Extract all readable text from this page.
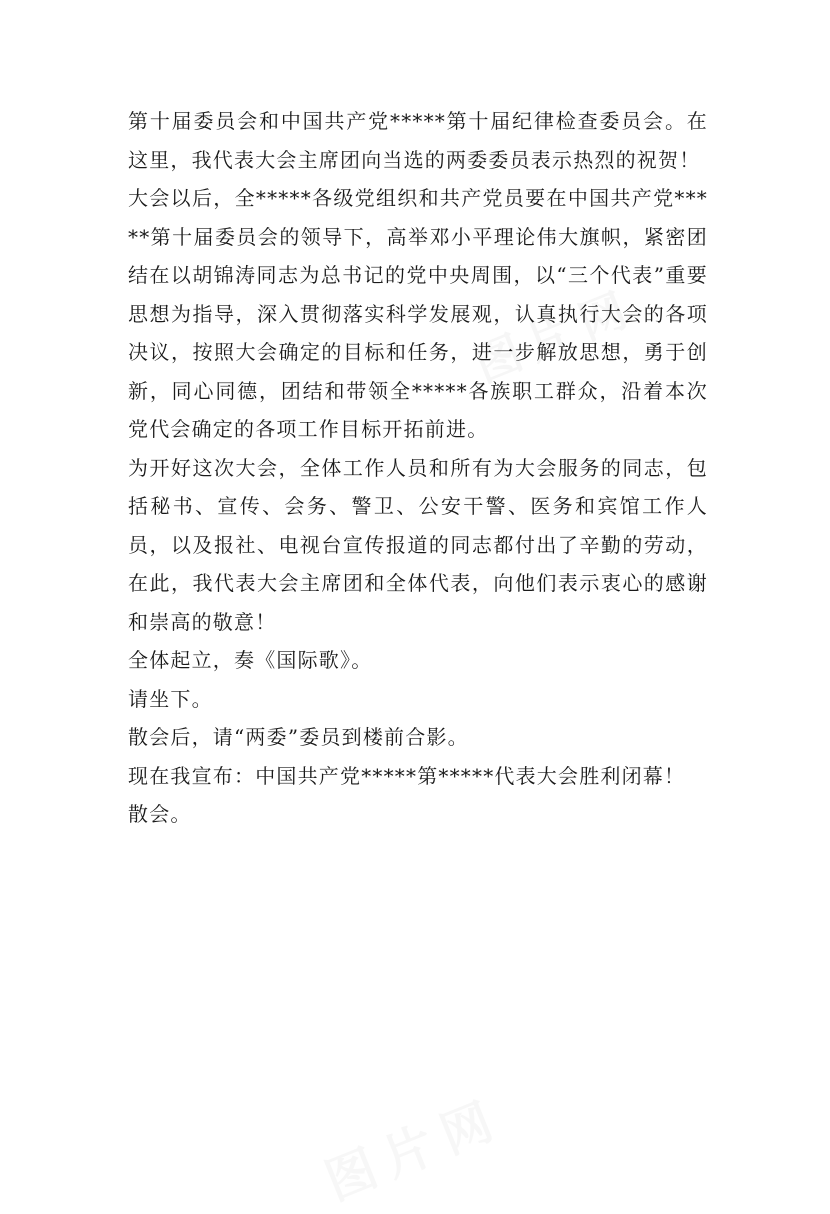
第十届委员会和中国共产党*****第十届纪律检查委员会。在这里，我代表大会主席团向当选的两委委员表示热烈的祝贺！

大会以后，全*****各级党组织和共产党员要在中国共产党*****第十届委员会的领导下，高举邓小平理论伟大旗帜，紧密团结在以胡锦涛同志为总书记的党中央周围，以“三个代表”重要思想为指导，深入贯彻落实科学发展观，认真执行大会的各项决议，按照大会确定的目标和任务，进一步解放思想，勇于创新，同心同德，团结和带领全*****各族职工群众，沿着本次党代会确定的各项工作目标开拓前进。

为开好这次大会，全体工作人员和所有为大会服务的同志，包括秘书、宣传、会务、警卫、公安干警、医务和宾馆工作人员，以及报社、电视台宣传报道的同志都付出了辛勤的劳动，在此，我代表大会主席团和全体代表，向他们表示衷心的感谢和崇高的敬意！

全体起立，奏《国际歌》。

请坐下。

散会后，请“两委”委员到楼前合影。

现在我宣布：中国共产党*****第*****代表大会胜利闭幕！

散会。
